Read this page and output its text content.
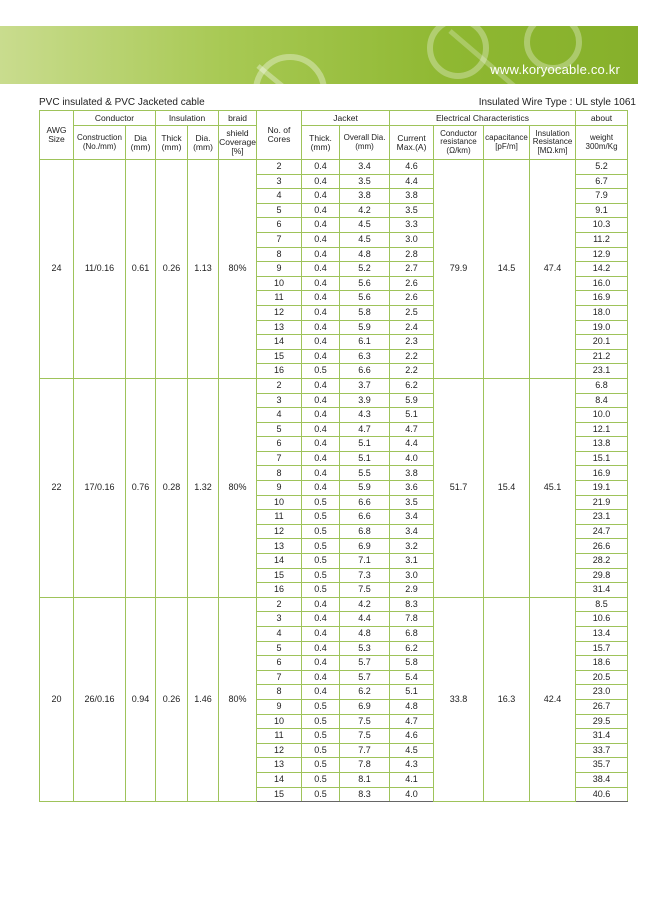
www.koryocable.co.kr
PVC insulated & PVC Jacketed cable	Insulated Wire Type : UL style 1061
AWG Size	Conductor		Insulation		braid	No. of Cores	Jacket		Electrical Characteristics				about
	Construction (No./mm)	Dia (mm)	Thick (mm)	Dia. (mm)	shield Coverage [%]		Thick. (mm)	Overall Dia.(mm)	Current Max.(A)	Conductor resistance (Ω/km)	capacitance [pF/m]	Insulation Resistance [MΩ.km]	weight 300m/Kg
24	11/0.16	0.61	0.26	1.13	80%	2	0.4	3.4	4.6	79.9	14.5	47.4	5.2
						3	0.4	3.5	4.4				6.7
						4	0.4	3.8	3.8				7.9
						5	0.4	4.2	3.5				9.1
						6	0.4	4.5	3.3				10.3
						7	0.4	4.5	3.0				11.2
						8	0.4	4.8	2.8				12.9
						9	0.4	5.2	2.7				14.2
						10	0.4	5.6	2.6				16.0
						11	0.4	5.6	2.6				16.9
						12	0.4	5.8	2.5				18.0
						13	0.4	5.9	2.4				19.0
						14	0.4	6.1	2.3				20.1
						15	0.4	6.3	2.2				21.2
						16	0.5	6.6	2.2				23.1
22	17/0.16	0.76	0.28	1.32	80%	2	0.4	3.7	6.2	51.7	15.4	45.1	6.8
						3	0.4	3.9	5.9				8.4
						4	0.4	4.3	5.1				10.0
						5	0.4	4.7	4.7				12.1
						6	0.4	5.1	4.4				13.8
						7	0.4	5.1	4.0				15.1
						8	0.4	5.5	3.8				16.9
						9	0.4	5.9	3.6				19.1
						10	0.5	6.6	3.5				21.9
						11	0.5	6.6	3.4				23.1
						12	0.5	6.8	3.4				24.7
						13	0.5	6.9	3.2				26.6
						14	0.5	7.1	3.1				28.2
						15	0.5	7.3	3.0				29.8
						16	0.5	7.5	2.9				31.4
20	26/0.16	0.94	0.26	1.46	80%	2	0.4	4.2	8.3	33.8	16.3	42.4	8.5
						3	0.4	4.4	7.8				10.6
						4	0.4	4.8	6.8				13.4
						5	0.4	5.3	6.2				15.7
						6	0.4	5.7	5.8				18.6
						7	0.4	5.7	5.4				20.5
						8	0.4	6.2	5.1				23.0
						9	0.5	6.9	4.8				26.7
						10	0.5	7.5	4.7				29.5
						11	0.5	7.5	4.6				31.4
						12	0.5	7.7	4.5				33.7
						13	0.5	7.8	4.3				35.7
						14	0.5	8.1	4.1				38.4
						15	0.5	8.3	4.0				40.6
